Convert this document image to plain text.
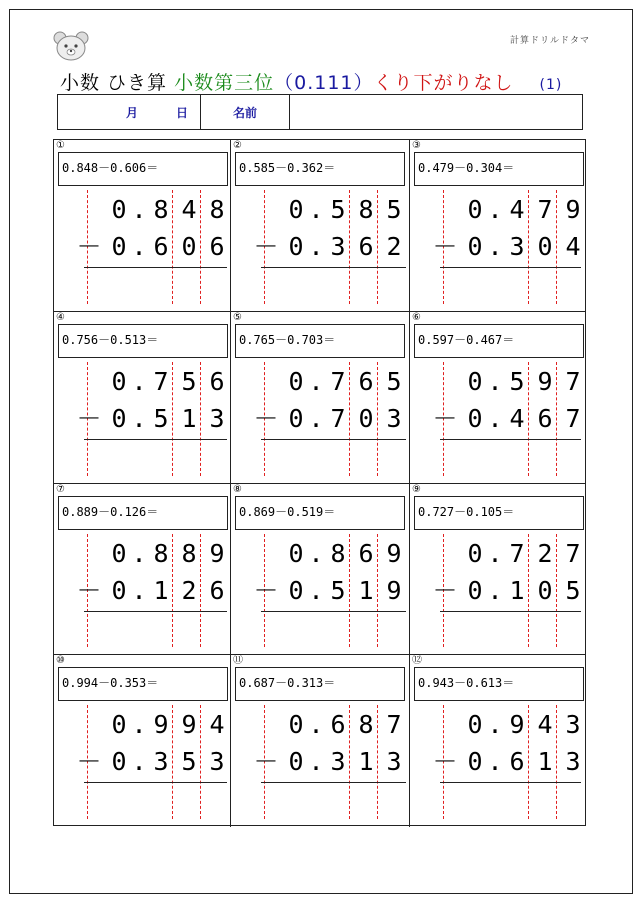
計算ドリルドタマ
小数 ひき算 小数第三位（0.111）くり下がりなし (1)
月	日	名前
①
0.848－0.606＝
0 . 8 4 8
－ 0 . 6 0 6
②
0.585－0.362＝
0 . 5 8 5
－ 0 . 3 6 2
③
0.479－0.304＝
0 . 4 7 9
－ 0 . 3 0 4
④
0.756－0.513＝
0 . 7 5 6
－ 0 . 5 1 3
⑤
0.765－0.703＝
0 . 7 6 5
－ 0 . 7 0 3
⑥
0.597－0.467＝
0 . 5 9 7
－ 0 . 4 6 7
⑦
0.889－0.126＝
0 . 8 8 9
－ 0 . 1 2 6
⑧
0.869－0.519＝
0 . 8 6 9
－ 0 . 5 1 9
⑨
0.727－0.105＝
0 . 7 2 7
－ 0 . 1 0 5
⑩
0.994－0.353＝
0 . 9 9 4
－ 0 . 3 5 3
⑪
0.687－0.313＝
0 . 6 8 7
－ 0 . 3 1 3
⑫
0.943－0.613＝
0 . 9 4 3
－ 0 . 6 1 3
